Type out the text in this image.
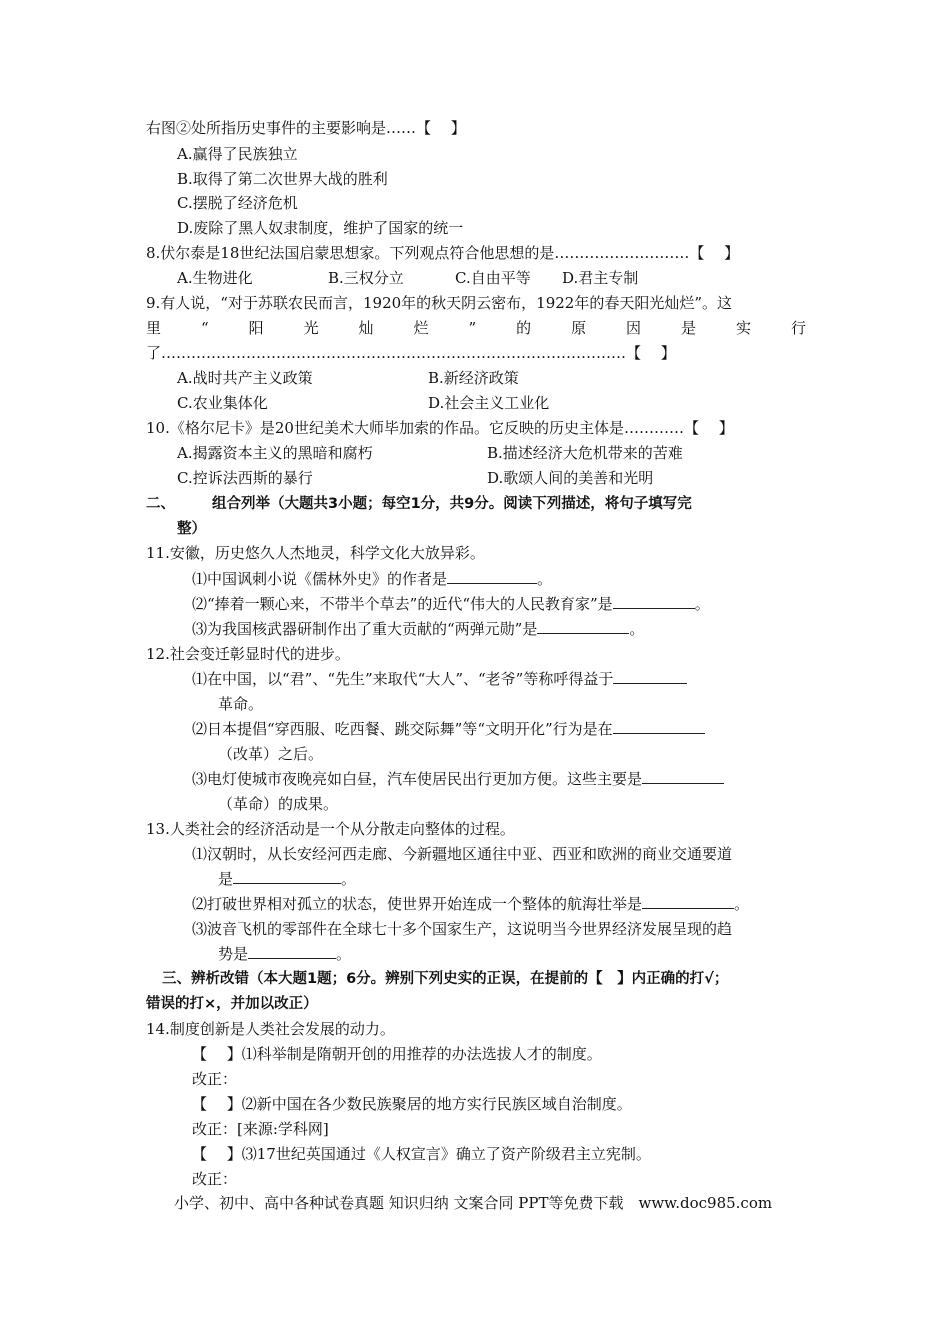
右图②处所指历史事件的主要影响是……【　 】
A.赢得了民族独立
B.取得了第二次世界大战的胜利
C.摆脱了经济危机
D.废除了黑人奴隶制度，维护了国家的统一
8.伏尔泰是18世纪法国启蒙思想家。下列观点符合他思想的是………………………【　 】
A.生物进化	B.三权分立	C.自由平等 D.君主专制
9.有人说，“对于苏联农民而言，1920年的秋天阴云密布，1922年的春天阳光灿烂”。这
里	“	阳	光	灿	烂	”	的	原	因	是	实	行
了…………………………………………………………………………………【　 】
A.战时共产主义政策	B.新经济政策
C.农业集体化	D.社会主义工业化
10.《格尔尼卡》是20世纪美术大师毕加索的作品。它反映的历史主体是…………【　 】
A.揭露资本主义的黑暗和腐朽	B.描述经济大危机带来的苦难
C.控诉法西斯的暴行	D.歌颂人间的美善和光明
二、	组合列举（大题共3小题；每空1分，共9分。阅读下列描述，将句子填写完
整）
11.安徽，历史悠久人杰地灵，科学文化大放异彩。
⑴中国讽刺小说《儒林外史》的作者是	。
⑵“捧着一颗心来，不带半个草去”的近代“伟大的人民教育家”是	。
⑶为我国核武器研制作出了重大贡献的“两弹元勋”是	。
12.社会变迁彰显时代的进步。
⑴在中国，以“君”、“先生”来取代“大人”、“老爷”等称呼得益于
革命。
⑵日本提倡“穿西服、吃西餐、跳交际舞”等“文明开化”行为是在
（改革）之后。
⑶电灯使城市夜晚亮如白昼，汽车使居民出行更加方便。这些主要是
（革命）的成果。
13.人类社会的经济活动是一个从分散走向整体的过程。
⑴汉朝时，从长安经河西走廊、今新疆地区通往中亚、西亚和欧洲的商业交通要道
是	。
⑵打破世界相对孤立的状态，使世界开始连成一个整体的航海壮举是	。
⑶波音飞机的零部件在全球七十多个国家生产，这说明当今世界经济发展呈现的趋
势是	。
三、辨析改错（本大题1题；6分。辨别下列史实的正误，在提前的【　】内正确的打√；
错误的打×，并加以改正）
14.制度创新是人类社会发展的动力。
【　 】⑴科举制是隋朝开创的用推荐的办法选拔人才的制度。
改正：
【　 】⑵新中国在各少数民族聚居的地方实行民族区域自治制度。
改正：[来源:学科网]
【　 】⑶17世纪英国通过《人权宣言》确立了资产阶级君主立宪制。
改正：
小学、初中、高中各种试卷真题 知识归纳 文案合同 PPT等免费下载　www.doc985.com
